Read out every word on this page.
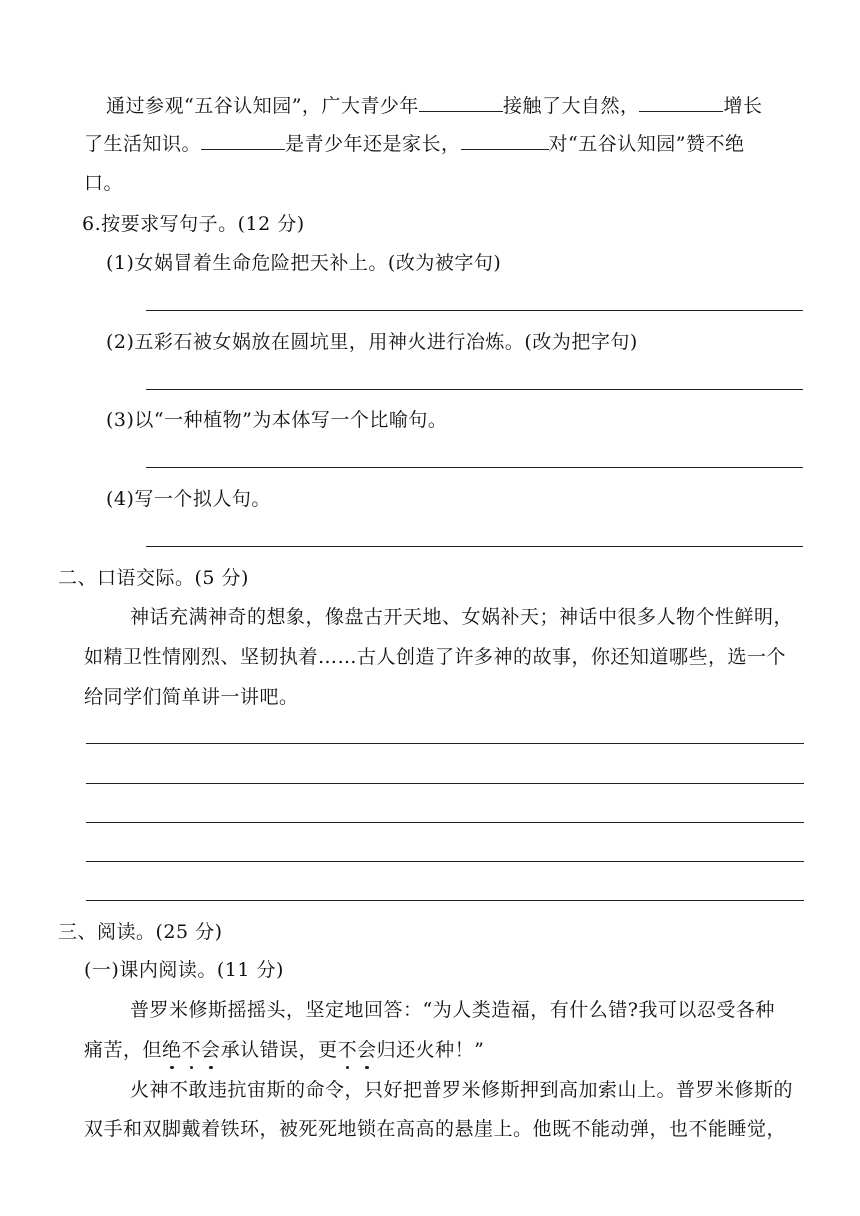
通过参观“五谷认知园”，广大青少年	接触了大自然，	增长
了生活知识。	是青少年还是家长，	对“五谷认知园”赞不绝
口。
6.按要求写句子。(12 分)
(1)女娲冒着生命危险把天补上。(改为被字句)
(2)五彩石被女娲放在圆坑里，用神火进行冶炼。(改为把字句)
(3)以“一种植物”为本体写一个比喻句。
(4)写一个拟人句。
二、口语交际。(5 分)
神话充满神奇的想象，像盘古开天地、女娲补天；神话中很多人物个性鲜明，
如精卫性情刚烈、坚韧执着……古人创造了许多神的故事，你还知道哪些，选一个
给同学们简单讲一讲吧。
三、阅读。(25 分)
(一)课内阅读。(11 分)
普罗米修斯摇摇头，坚定地回答：“为人类造福，有什么错?我可以忍受各种
痛苦，但绝不会承认错误，更不会归还火种！”
火神不敢违抗宙斯的命令，只好把普罗米修斯押到高加索山上。普罗米修斯的
双手和双脚戴着铁环，被死死地锁在高高的悬崖上。他既不能动弹，也不能睡觉，
